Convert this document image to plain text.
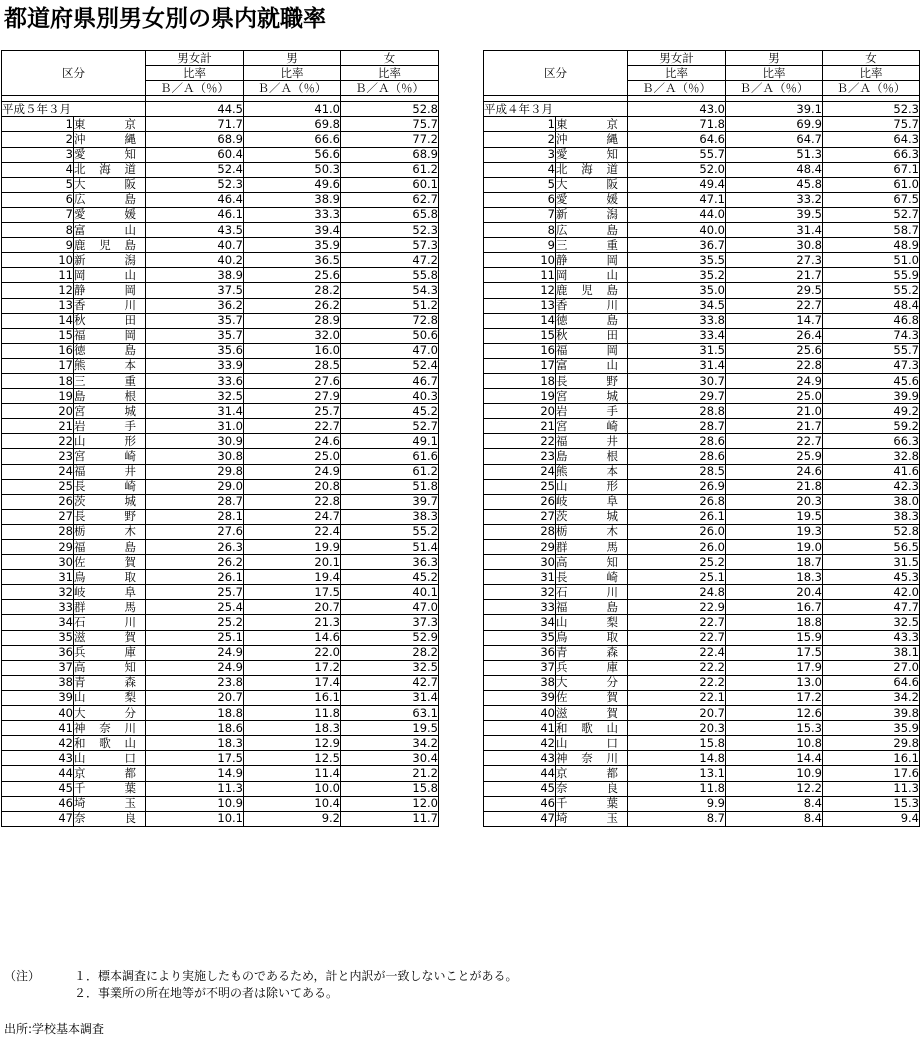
都道府県別男女別の県内就職率
区分		男女計	男	女
		比率	比率	比率
		Ｂ／Ａ（％）	Ｂ／Ａ（％）	Ｂ／Ａ（％）

平成５年３月		44.5	41.0	52.8
1	東京	71.7	69.8	75.7
2	沖縄	68.9	66.6	77.2
3	愛知	60.4	56.6	68.9
4	北海道	52.4	50.3	61.2
5	大阪	52.3	49.6	60.1
6	広島	46.4	38.9	62.7
7	愛媛	46.1	33.3	65.8
8	富山	43.5	39.4	52.3
9	鹿児島	40.7	35.9	57.3
10	新潟	40.2	36.5	47.2
11	岡山	38.9	25.6	55.8
12	静岡	37.5	28.2	54.3
13	香川	36.2	26.2	51.2
14	秋田	35.7	28.9	72.8
15	福岡	35.7	32.0	50.6
16	徳島	35.6	16.0	47.0
17	熊本	33.9	28.5	52.4
18	三重	33.6	27.6	46.7
19	島根	32.5	27.9	40.3
20	宮城	31.4	25.7	45.2
21	岩手	31.0	22.7	52.7
22	山形	30.9	24.6	49.1
23	宮崎	30.8	25.0	61.6
24	福井	29.8	24.9	61.2
25	長崎	29.0	20.8	51.8
26	茨城	28.7	22.8	39.7
27	長野	28.1	24.7	38.3
28	栃木	27.6	22.4	55.2
29	福島	26.3	19.9	51.4
30	佐賀	26.2	20.1	36.3
31	鳥取	26.1	19.4	45.2
32	岐阜	25.7	17.5	40.1
33	群馬	25.4	20.7	47.0
34	石川	25.2	21.3	37.3
35	滋賀	25.1	14.6	52.9
36	兵庫	24.9	22.0	28.2
37	高知	24.9	17.2	32.5
38	青森	23.8	17.4	42.7
39	山梨	20.7	16.1	31.4
40	大分	18.8	11.8	63.1
41	神奈川	18.6	18.3	19.5
42	和歌山	18.3	12.9	34.2
43	山口	17.5	12.5	30.4
44	京都	14.9	11.4	21.2
45	千葉	11.3	10.0	15.8
46	埼玉	10.9	10.4	12.0
47	奈良	10.1	9.2	11.7
区分		男女計	男	女
		比率	比率	比率
		Ｂ／Ａ（％）	Ｂ／Ａ（％）	Ｂ／Ａ（％）

平成４年３月		43.0	39.1	52.3
1	東京	71.8	69.9	75.7
2	沖縄	64.6	64.7	64.3
3	愛知	55.7	51.3	66.3
4	北海道	52.0	48.4	67.1
5	大阪	49.4	45.8	61.0
6	愛媛	47.1	33.2	67.5
7	新潟	44.0	39.5	52.7
8	広島	40.0	31.4	58.7
9	三重	36.7	30.8	48.9
10	静岡	35.5	27.3	51.0
11	岡山	35.2	21.7	55.9
12	鹿児島	35.0	29.5	55.2
13	香川	34.5	22.7	48.4
14	徳島	33.8	14.7	46.8
15	秋田	33.4	26.4	74.3
16	福岡	31.5	25.6	55.7
17	富山	31.4	22.8	47.3
18	長野	30.7	24.9	45.6
19	宮城	29.7	25.0	39.9
20	岩手	28.8	21.0	49.2
21	宮崎	28.7	21.7	59.2
22	福井	28.6	22.7	66.3
23	島根	28.6	25.9	32.8
24	熊本	28.5	24.6	41.6
25	山形	26.9	21.8	42.3
26	岐阜	26.8	20.3	38.0
27	茨城	26.1	19.5	38.3
28	栃木	26.0	19.3	52.8
29	群馬	26.0	19.0	56.5
30	高知	25.2	18.7	31.5
31	長崎	25.1	18.3	45.3
32	石川	24.8	20.4	42.0
33	福島	22.9	16.7	47.7
34	山梨	22.7	18.8	32.5
35	鳥取	22.7	15.9	43.3
36	青森	22.4	17.5	38.1
37	兵庫	22.2	17.9	27.0
38	大分	22.2	13.0	64.6
39	佐賀	22.1	17.2	34.2
40	滋賀	20.7	12.6	39.8
41	和歌山	20.3	15.3	35.9
42	山口	15.8	10.8	29.8
43	神奈川	14.8	14.4	16.1
44	京都	13.1	10.9	17.6
45	奈良	11.8	12.2	11.3
46	千葉	9.9	8.4	15.3
47	埼玉	8.7	8.4	9.4
（注）	１． 標本調査により実施したものであるため，計と内訳が一致しないことがある。
２． 事業所の所在地等が不明の者は除いてある。
出所:学校基本調査
